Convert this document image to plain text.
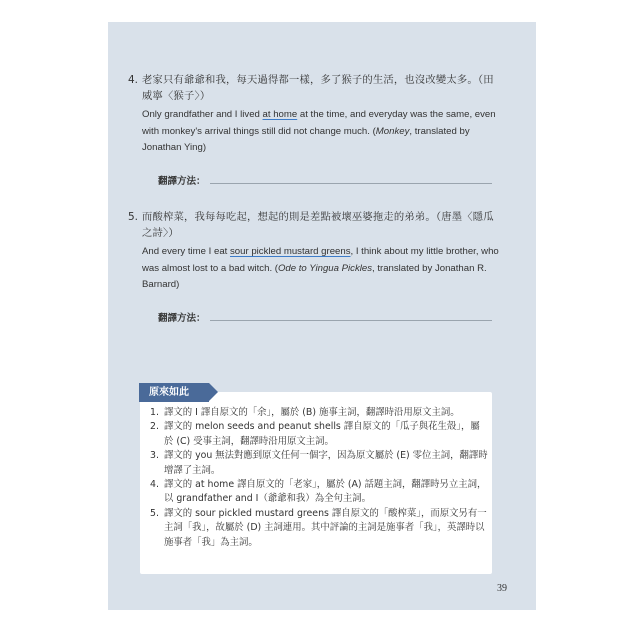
4. 老家只有爺爺和我，每天過得都一樣，多了猴子的生活，也沒改變太多。（田威寧〈猴子〉）
Only grandfather and I lived at home at the time, and everyday was the same, even with monkey's arrival things still did not change much. (Monkey, translated by Jonathan Ying)
翻譯方法：
5. 而酸榨菜，我每每吃起，想起的則是差點被壞巫婆拖走的弟弟。（唐墨〈隱瓜之詩〉）
And every time I eat sour pickled mustard greens, I think about my little brother, who was almost lost to a bad witch. (Ode to Yingua Pickles, translated by Jonathan R. Barnard)
翻譯方法：
原來如此
1. 譯文的 I 譯自原文的「余」，屬於 (B) 施事主詞，翻譯時沿用原文主詞。
2. 譯文的 melon seeds and peanut shells 譯自原文的「瓜子與花生殼」，屬於 (C) 受事主詞，翻譯時沿用原文主詞。
3. 譯文的 you 無法對應到原文任何一個字，因為原文屬於 (E) 零位主詞，翻譯時增譯了主詞。
4. 譯文的 at home 譯自原文的「老家」，屬於 (A) 話題主詞，翻譯時另立主詞，以 grandfather and I（爺爺和我）為全句主詞。
5. 譯文的 sour pickled mustard greens 譯自原文的「酸榨菜」，而原文另有一主詞「我」，故屬於 (D) 主詞連用。其中評論的主詞是施事者「我」，英譯時以施事者「我」為主詞。
39
